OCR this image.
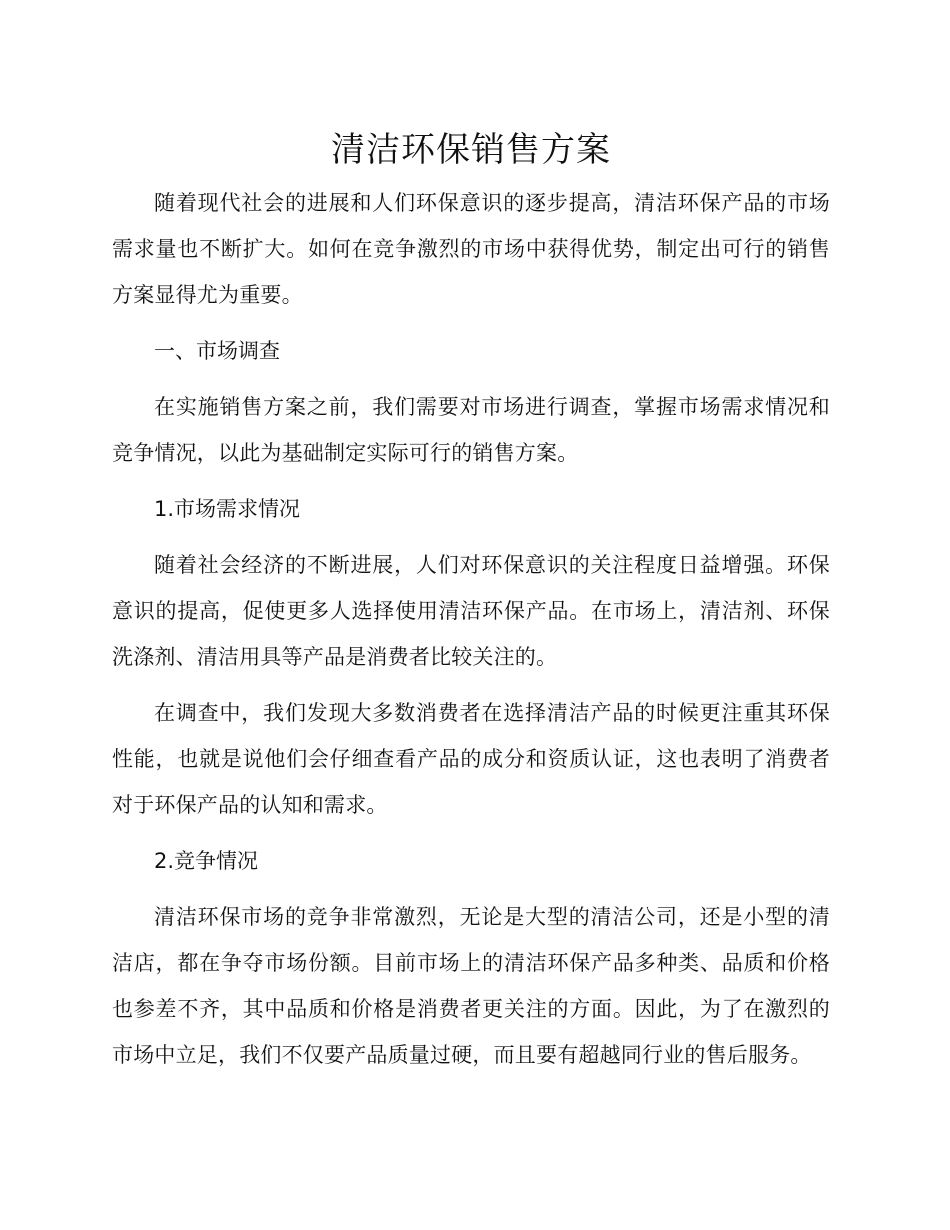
清洁环保销售方案

随着现代社会的进展和人们环保意识的逐步提高，清洁环保产品的市场需求量也不断扩大。如何在竞争激烈的市场中获得优势，制定出可行的销售方案显得尤为重要。

一、市场调查

在实施销售方案之前，我们需要对市场进行调查，掌握市场需求情况和竞争情况，以此为基础制定实际可行的销售方案。

1.市场需求情况

随着社会经济的不断进展，人们对环保意识的关注程度日益增强。环保意识的提高，促使更多人选择使用清洁环保产品。在市场上，清洁剂、环保洗涤剂、清洁用具等产品是消费者比较关注的。

在调查中，我们发现大多数消费者在选择清洁产品的时候更注重其环保性能，也就是说他们会仔细查看产品的成分和资质认证，这也表明了消费者对于环保产品的认知和需求。

2.竞争情况

清洁环保市场的竞争非常激烈，无论是大型的清洁公司，还是小型的清洁店，都在争夺市场份额。目前市场上的清洁环保产品多种类、品质和价格也参差不齐，其中品质和价格是消费者更关注的方面。因此，为了在激烈的市场中立足，我们不仅要产品质量过硬，而且要有超越同行业的售后服务。
